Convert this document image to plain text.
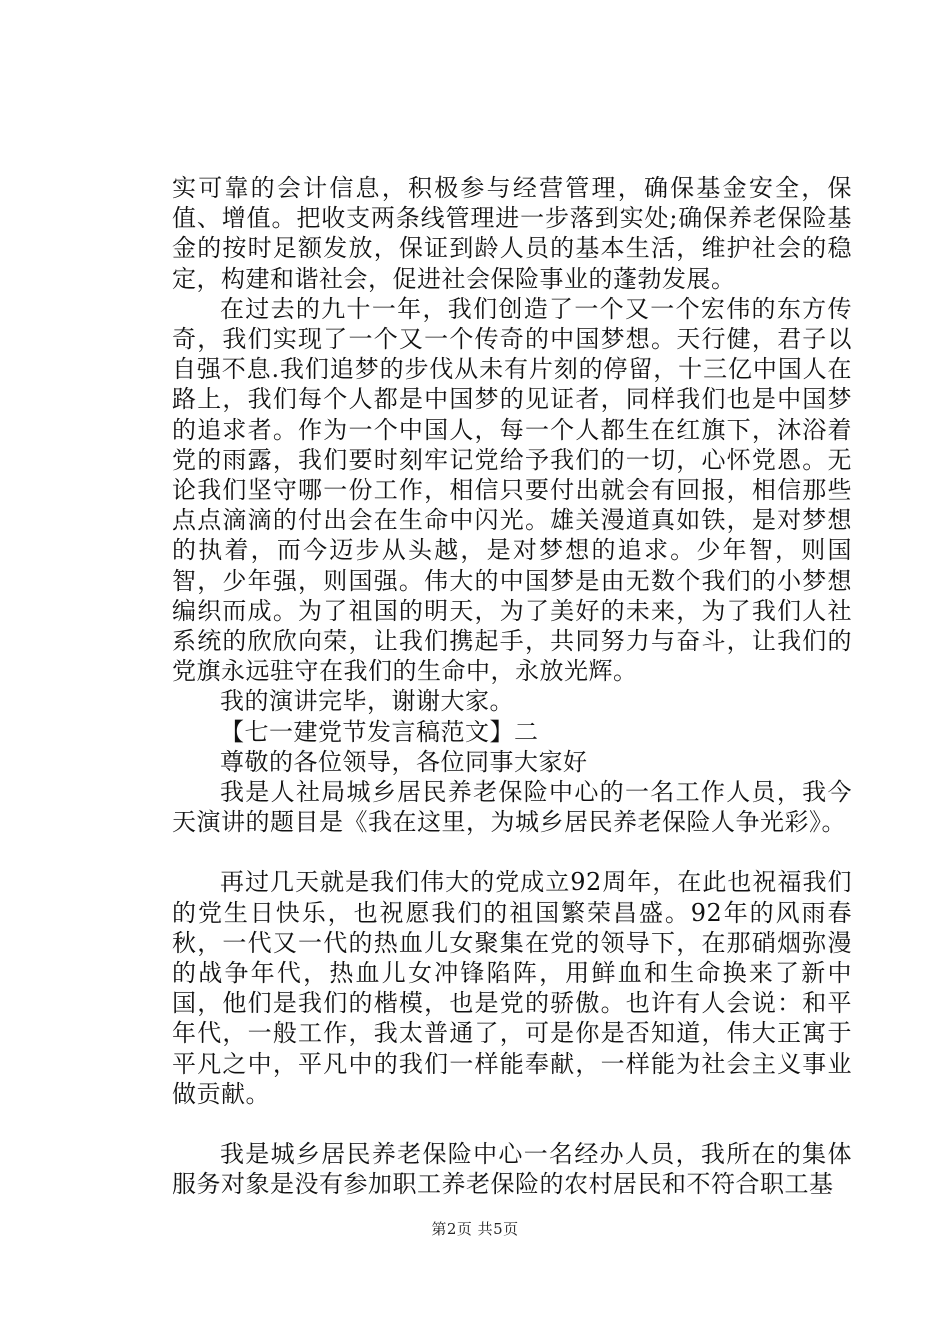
实可靠的会计信息，积极参与经营管理，确保基金安全，保值、增值。把收支两条线管理进一步落到实处;确保养老保险基金的按时足额发放，保证到龄人员的基本生活，维护社会的稳定，构建和谐社会，促进社会保险事业的蓬勃发展。

在过去的九十一年，我们创造了一个又一个宏伟的东方传奇，我们实现了一个又一个传奇的中国梦想。天行健，君子以自强不息.我们追梦的步伐从未有片刻的停留，十三亿中国人在路上，我们每个人都是中国梦的见证者，同样我们也是中国梦的追求者。作为一个中国人，每一个人都生在红旗下，沐浴着党的雨露，我们要时刻牢记党给予我们的一切，心怀党恩。无论我们坚守哪一份工作，相信只要付出就会有回报，相信那些点点滴滴的付出会在生命中闪光。雄关漫道真如铁，是对梦想的执着，而今迈步从头越，是对梦想的追求。少年智，则国智，少年强，则国强。伟大的中国梦是由无数个我们的小梦想编织而成。为了祖国的明天，为了美好的未来，为了我们人社系统的欣欣向荣，让我们携起手，共同努力与奋斗，让我们的党旗永远驻守在我们的生命中，永放光辉。

我的演讲完毕，谢谢大家。

【七一建党节发言稿范文】二

尊敬的各位领导，各位同事大家好

我是人社局城乡居民养老保险中心的一名工作人员，我今天演讲的题目是《我在这里，为城乡居民养老保险人争光彩》。

再过几天就是我们伟大的党成立92周年，在此也祝福我们的党生日快乐，也祝愿我们的祖国繁荣昌盛。92年的风雨春秋，一代又一代的热血儿女聚集在党的领导下，在那硝烟弥漫的战争年代，热血儿女冲锋陷阵，用鲜血和生命换来了新中国，他们是我们的楷模，也是党的骄傲。也许有人会说：和平年代，一般工作，我太普通了，可是你是否知道，伟大正寓于平凡之中，平凡中的我们一样能奉献，一样能为社会主义事业做贡献。

我是城乡居民养老保险中心一名经办人员，我所在的集体服务对象是没有参加职工养老保险的农村居民和不符合职工基

第2页 共5页
